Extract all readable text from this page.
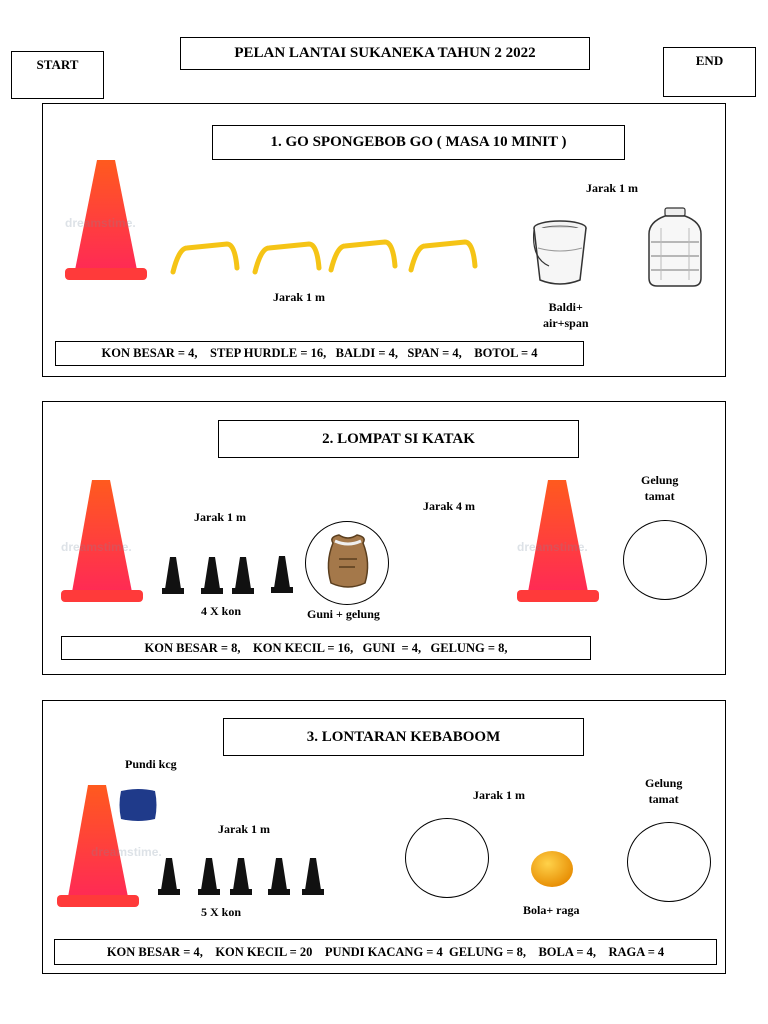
START
PELAN LANTAI SUKANEKA TAHUN 2 2022	END
1. GO SPONGEBOB GO ( MASA 10 MINIT )
dreamstime.
Jarak 1 m
Jarak 1 m
Baldi+
air+span
KON BESAR = 4,    STEP HURDLE = 16,   BALDI = 4,   SPAN = 4,    BOTOL = 4
2. LOMPAT SI KATAK
dreamstime.
Jarak 1 m
Jarak 4 m
4 X kon	Guni + gelung
dreamstime.
Gelung
tamat
KON BESAR = 8,    KON KECIL = 16,   GUNI  = 4,   GELUNG = 8,
3. LONTARAN KEBABOOM
Pundi kcg
dreamstime.
Jarak 1 m
5 X kon
Jarak 1 m
Bola+ raga
Gelung
tamat
KON BESAR = 4,    KON KECIL = 20    PUNDI KACANG = 4  GELUNG = 8,    BOLA = 4,    RAGA = 4
